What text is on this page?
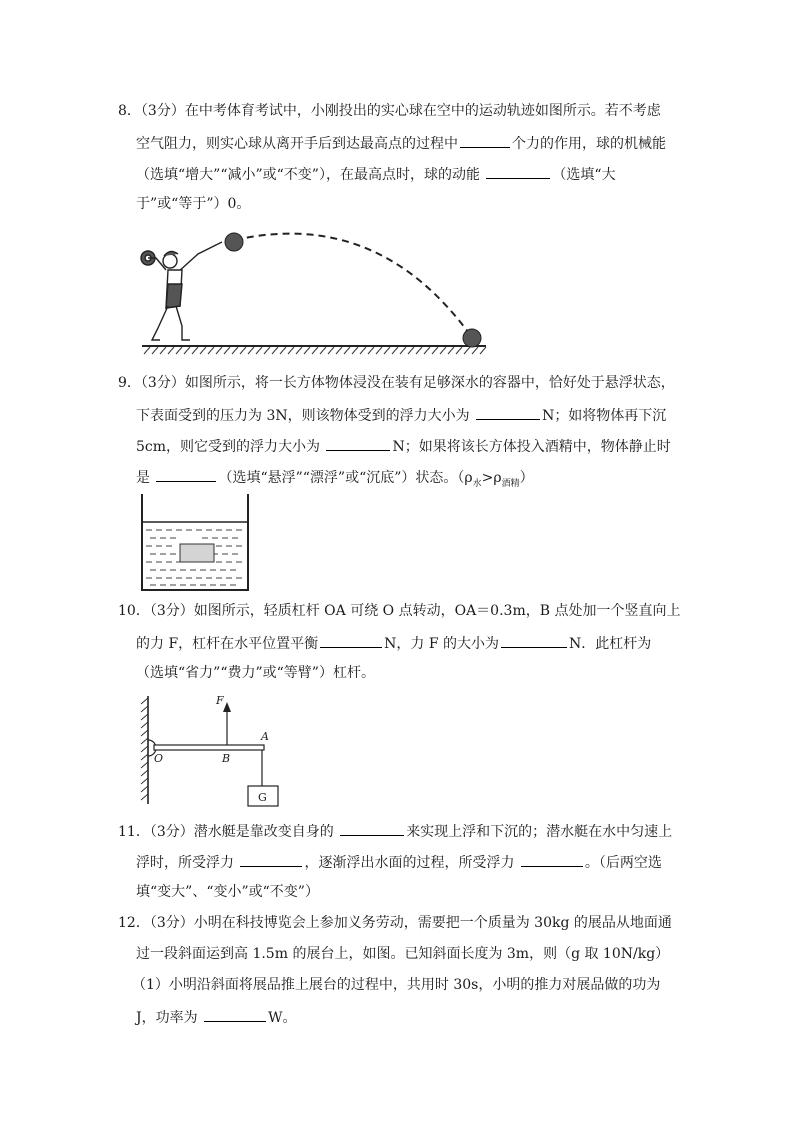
8．（3分）在中考体育考试中，小刚投出的实心球在空中的运动轨迹如图所示。若不考虑
空气阻力，则实心球从离开手后到达最高点的过程中	个力的作用，球的机械能
（选填“增大”“减小”或“不变”），在最高点时，球的动能	（选填“大
于”或“等于”）0。
9．（3分）如图所示，将一长方体物体浸没在装有足够深水的容器中，恰好处于悬浮状态，
下表面受到的压力为 3N，则该物体受到的浮力大小为	N；如将物体再下沉
5cm，则它受到的浮力大小为	N；如果将该长方体投入酒精中，物体静止时
是	（选填“悬浮”“漂浮”或“沉底”）状态。$(\rho_水>\rho_{酒精})$
10．（3分）如图所示，轻质杠杆 OA 可绕 O 点转动，OA＝0.3m，B 点处加一个竖直向上
的力 F，杠杆在水平位置平衡	N，力 F 的大小为	N．此杠杆为
（选填“省力”“费力”或“等臂”）杠杆。
F
A
O	B
G
11．（3分）潜水艇是靠改变自身的	来实现上浮和下沉的；潜水艇在水中匀速上
浮时，所受浮力	，逐渐浮出水面的过程，所受浮力	。（后两空选
填“变大”、“变小”或“不变”）
12．（3分）小明在科技博览会上参加义务劳动，需要把一个质量为 30kg 的展品从地面通
过一段斜面运到高 1.5m 的展台上，如图。已知斜面长度为 3m，则（g 取 10N/kg）
（1）小明沿斜面将展品推上展台的过程中，共用时 30s，小明的推力对展品做的功为
J，功率为	W。
